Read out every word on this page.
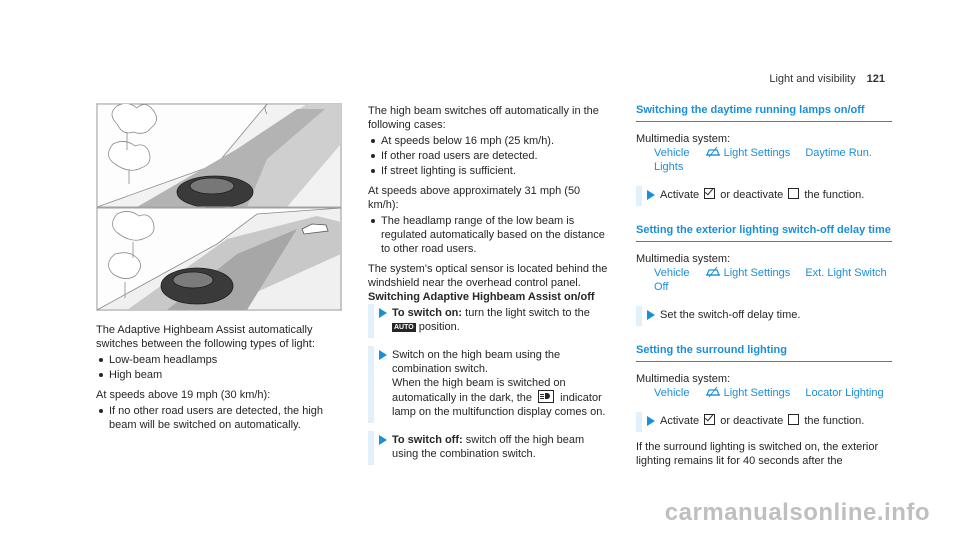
Light and visibility 121

The Adaptive Highbeam Assist automatically switches between the following types of light:

Low-beam headlamps
High beam

At speeds above 19 mph (30 km/h):

If no other road users are detected, the high beam will be switched on automatically.

The high beam switches off automatically in the following cases:

At speeds below 16 mph (25 km/h).
If other road users are detected.
If street lighting is sufficient.

At speeds above approximately 31 mph (50 km/h):

The headlamp range of the low beam is regulated automatically based on the distance to other road users.

The system's optical sensor is located behind the windshield near the overhead control panel.

Switching Adaptive Highbeam Assist on/off

To switch on: turn the light switch to the
AUTO position.
Switch on the high beam using the combination switch.
When the high beam is switched on automatically in the dark, the	indicator lamp on the multifunction display comes on.
To switch off: switch off the high beam using the combination switch.
Switching the daytime running lamps on/off

Multimedia system:

Vehicle	Light Settings Daytime Run. Lights
Activate or deactivate the function.
Setting the exterior lighting switch-off delay time

Multimedia system:

Vehicle	Light Settings Ext. Light Switch Off
Set the switch-off delay time.
Setting the surround lighting

Multimedia system:

Vehicle	Light Settings Locator Lighting
Activate or deactivate the function.

If the surround lighting is switched on, the exterior lighting remains lit for 40 seconds after the

carmanualsonline.info
